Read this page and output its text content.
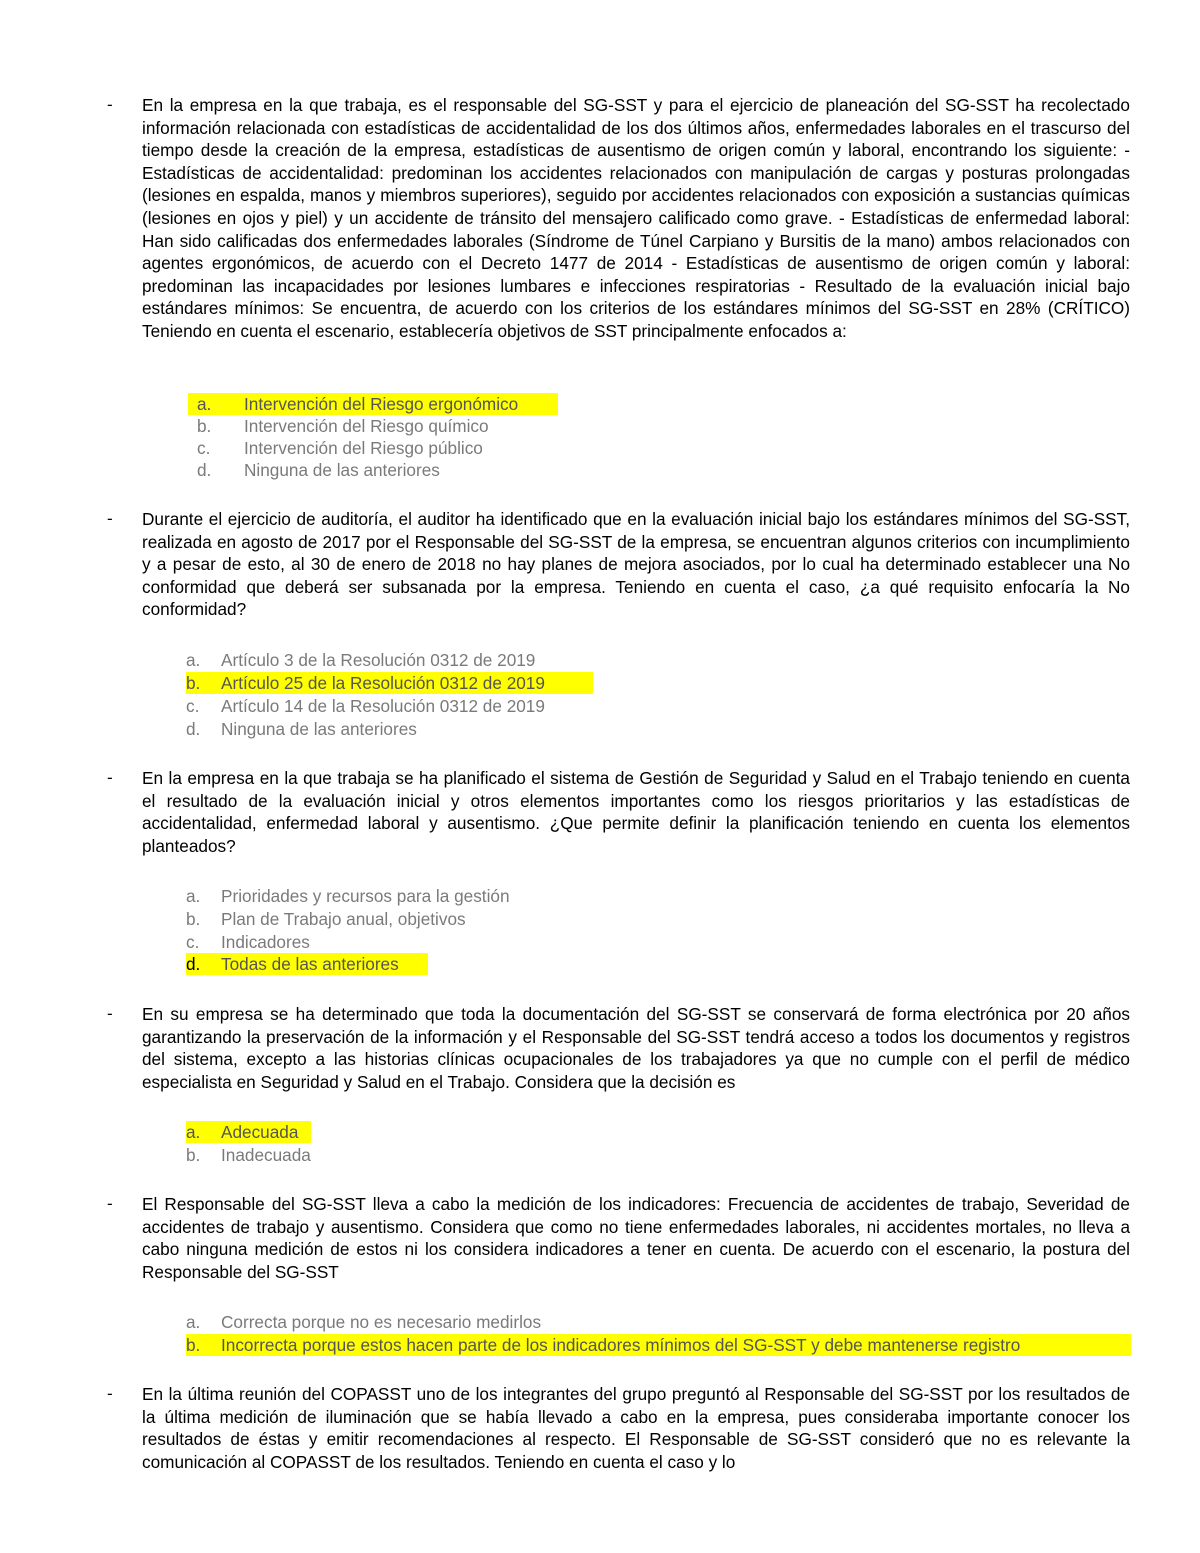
- En la empresa en la que trabaja, es el responsable del SG-SST y para el ejercicio de planeación del SG-SST ha recolectado información relacionada con estadísticas de accidentalidad de los dos últimos años, enfermedades laborales en el trascurso del tiempo desde la creación de la empresa, estadísticas de ausentismo de origen común y laboral, encontrando los siguiente: - Estadísticas de accidentalidad: predominan los accidentes relacionados con manipulación de cargas y posturas prolongadas (lesiones en espalda, manos y miembros superiores), seguido por accidentes relacionados con exposición a sustancias químicas (lesiones en ojos y piel) y un accidente de tránsito del mensajero calificado como grave. - Estadísticas de enfermedad laboral: Han sido calificadas dos enfermedades laborales (Síndrome de Túnel Carpiano y Bursitis de la mano) ambos relacionados con agentes ergonómicos, de acuerdo con el Decreto 1477 de 2014 - Estadísticas de ausentismo de origen común y laboral: predominan las incapacidades por lesiones lumbares e infecciones respiratorias - Resultado de la evaluación inicial bajo estándares mínimos: Se encuentra, de acuerdo con los criterios de los estándares mínimos del SG-SST en 28% (CRÍTICO) Teniendo en cuenta el escenario, establecería objetivos de SST principalmente enfocados a:

a. Intervención del Riesgo ergonómico
b. Intervención del Riesgo químico
c. Intervención del Riesgo público
d. Ninguna de las anteriores
- Durante el ejercicio de auditoría, el auditor ha identificado que en la evaluación inicial bajo los estándares mínimos del SG-SST, realizada en agosto de 2017 por el Responsable del SG-SST de la empresa, se encuentran algunos criterios con incumplimiento y a pesar de esto, al 30 de enero de 2018 no hay planes de mejora asociados, por lo cual ha determinado establecer una No conformidad que deberá ser subsanada por la empresa. Teniendo en cuenta el caso, ¿a qué requisito enfocaría la No conformidad?

a. Artículo 3 de la Resolución 0312 de 2019
b. Artículo 25 de la Resolución 0312 de 2019
c. Artículo 14 de la Resolución 0312 de 2019
d. Ninguna de las anteriores
- En la empresa en la que trabaja se ha planificado el sistema de Gestión de Seguridad y Salud en el Trabajo teniendo en cuenta el resultado de la evaluación inicial y otros elementos importantes como los riesgos prioritarios y las estadísticas de accidentalidad, enfermedad laboral y ausentismo. ¿Que permite definir la planificación teniendo en cuenta los elementos planteados?

a. Prioridades y recursos para la gestión
b. Plan de Trabajo anual, objetivos
c. Indicadores
d. Todas de las anteriores
- En su empresa se ha determinado que toda la documentación del SG-SST se conservará de forma electrónica por 20 años garantizando la preservación de la información y el Responsable del SG-SST tendrá acceso a todos los documentos y registros del sistema, excepto a las historias clínicas ocupacionales de los trabajadores ya que no cumple con el perfil de médico especialista en Seguridad y Salud en el Trabajo. Considera que la decisión es

a. Adecuada
b. Inadecuada
- El Responsable del SG-SST lleva a cabo la medición de los indicadores: Frecuencia de accidentes de trabajo, Severidad de accidentes de trabajo y ausentismo. Considera que como no tiene enfermedades laborales, ni accidentes mortales, no lleva a cabo ninguna medición de estos ni los considera indicadores a tener en cuenta. De acuerdo con el escenario, la postura del Responsable del SG-SST

a. Correcta porque no es necesario medirlos
b. Incorrecta porque estos hacen parte de los indicadores mínimos del SG-SST y debe mantenerse registro
- En la última reunión del COPASST uno de los integrantes del grupo preguntó al Responsable del SG-SST por los resultados de la última medición de iluminación que se había llevado a cabo en la empresa, pues consideraba importante conocer los resultados de éstas y emitir recomendaciones al respecto. El Responsable de SG-SST consideró que no es relevante la comunicación al COPASST de los resultados. Teniendo en cuenta el caso y lo
